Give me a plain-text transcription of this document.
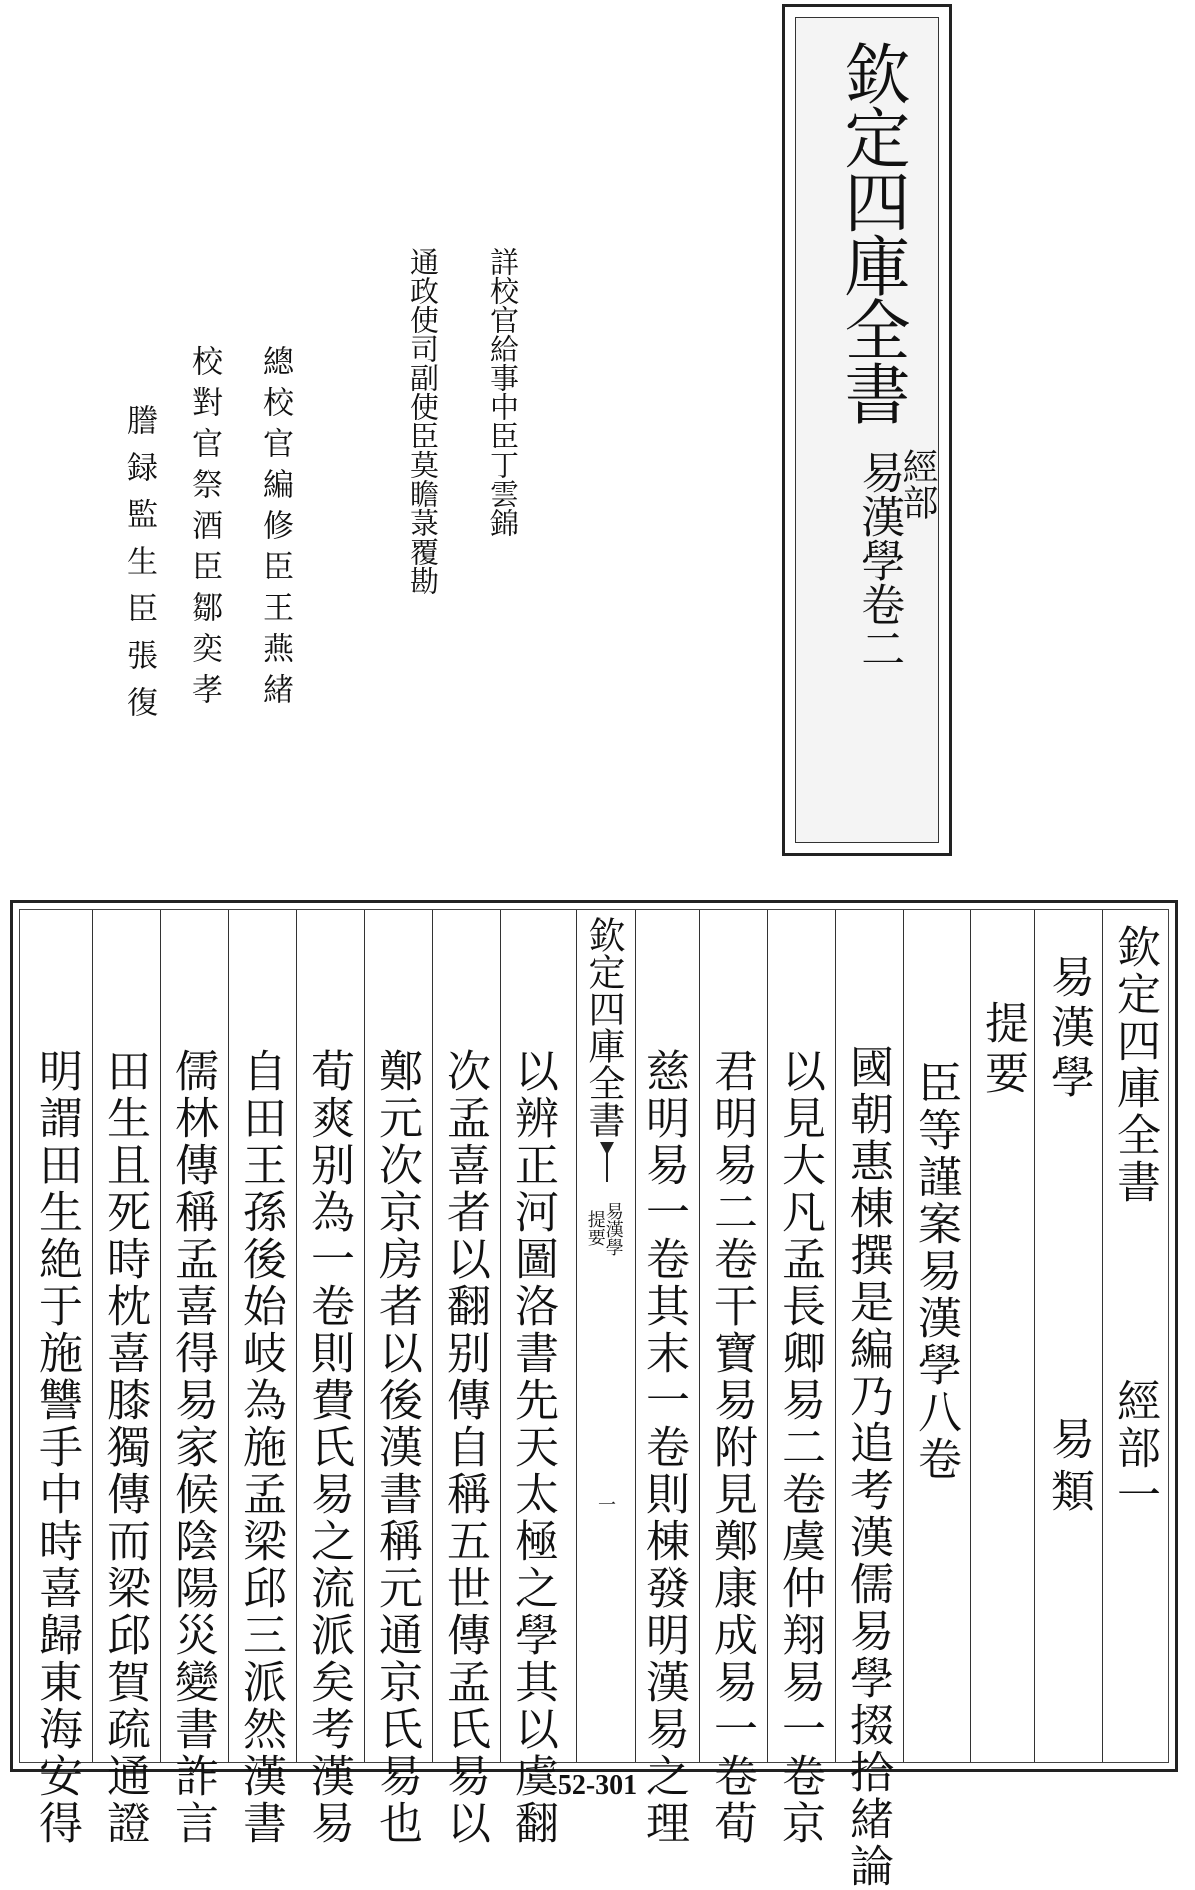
欽定四庫全書
經部
易漢學卷二
詳校官給事中臣丁雲錦
通政使司副使臣莫瞻菉覆勘
總校官編修臣王燕緒
校對官祭酒臣鄒奕孝
謄録監生臣張復
欽定四庫全書
經部一
易漢學
易類
提要
臣等謹案易漢學八卷
國朝惠棟撰是編乃追考漢儒易學掇拾緒論
以見大凡孟長卿易二卷虞仲翔易一卷京
君明易二卷干寶易附見鄭康成易一卷荀
慈明易一卷其末一卷則棟發明漢易之理
欽定四庫全書
易漢學
提要
一
以辨正河圖洛書先天太極之學其以虞翻
次孟喜者以翻别傳自稱五世傳孟氏易以
鄭元次京房者以後漢書稱元通京氏易也
荀爽别為一卷則費氏易之流派矣考漢易
自田王孫後始岐為施孟梁邱三派然漢書
儒林傳稱孟喜得易家候陰陽災變書詐言
田生且死時枕喜膝獨傳而梁邱賀疏通證
明謂田生絶于施讐手中時喜歸東海安得	52-301
